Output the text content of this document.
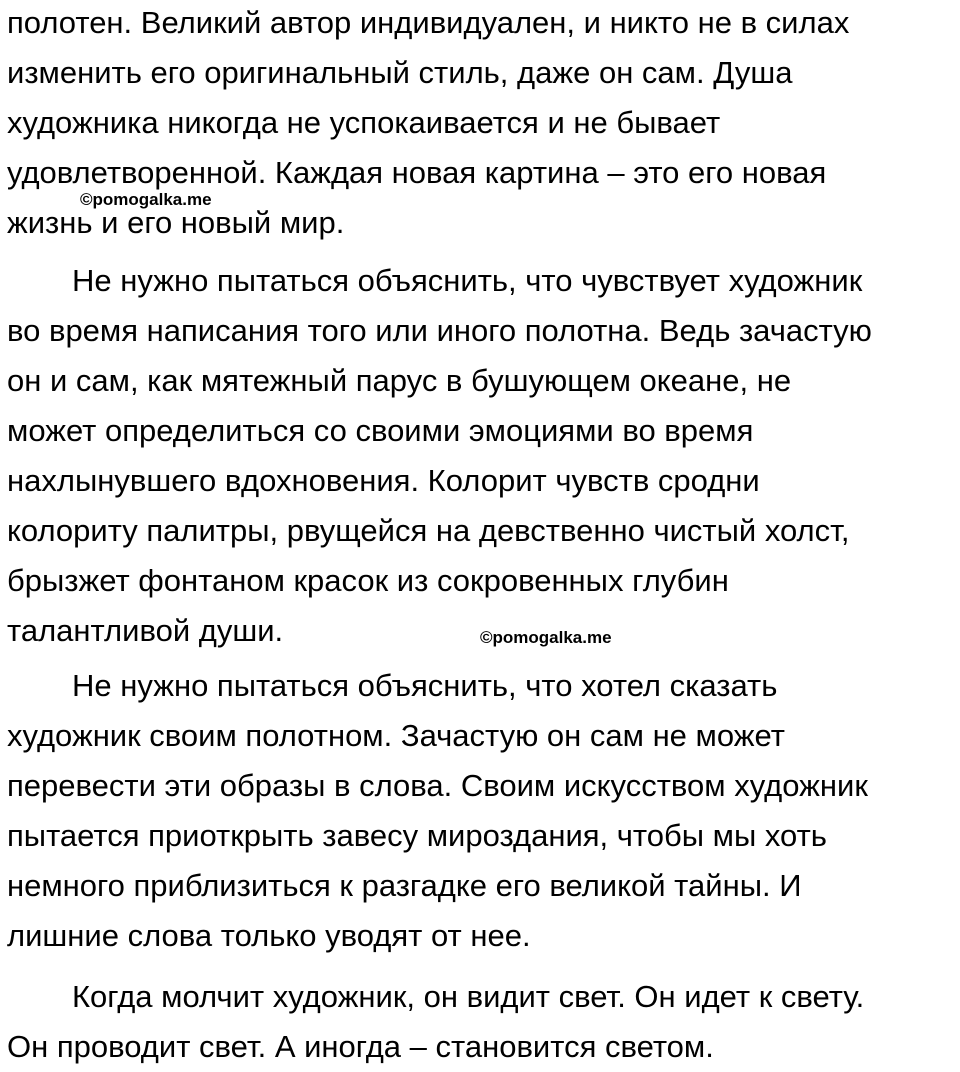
полотен. Великий автор индивидуален, и никто не в силах
изменить его оригинальный стиль, даже он сам. Душа
художника никогда не успокаивается и не бывает
удовлетворенной. Каждая новая картина – это его новая
жизнь и его новый мир.
Не нужно пытаться объяснить, что чувствует художник
во время написания того или иного полотна. Ведь зачастую
он и сам, как мятежный парус в бушующем океане, не
может определиться со своими эмоциями во время
нахлынувшего вдохновения. Колорит чувств сродни
колориту палитры, рвущейся на девственно чистый холст,
брызжет фонтаном красок из сокровенных глубин
талантливой души.
Не нужно пытаться объяснить, что хотел сказать
художник своим полотном. Зачастую он сам не может
перевести эти образы в слова. Своим искусством художник
пытается приоткрыть завесу мироздания, чтобы мы хоть
немного приблизиться к разгадке его великой тайны. И
лишние слова только уводят от нее.
Когда молчит художник, он видит свет. Он идет к свету.
Он проводит свет. А иногда – становится светом.
©pomogalka.me
©pomogalka.me
